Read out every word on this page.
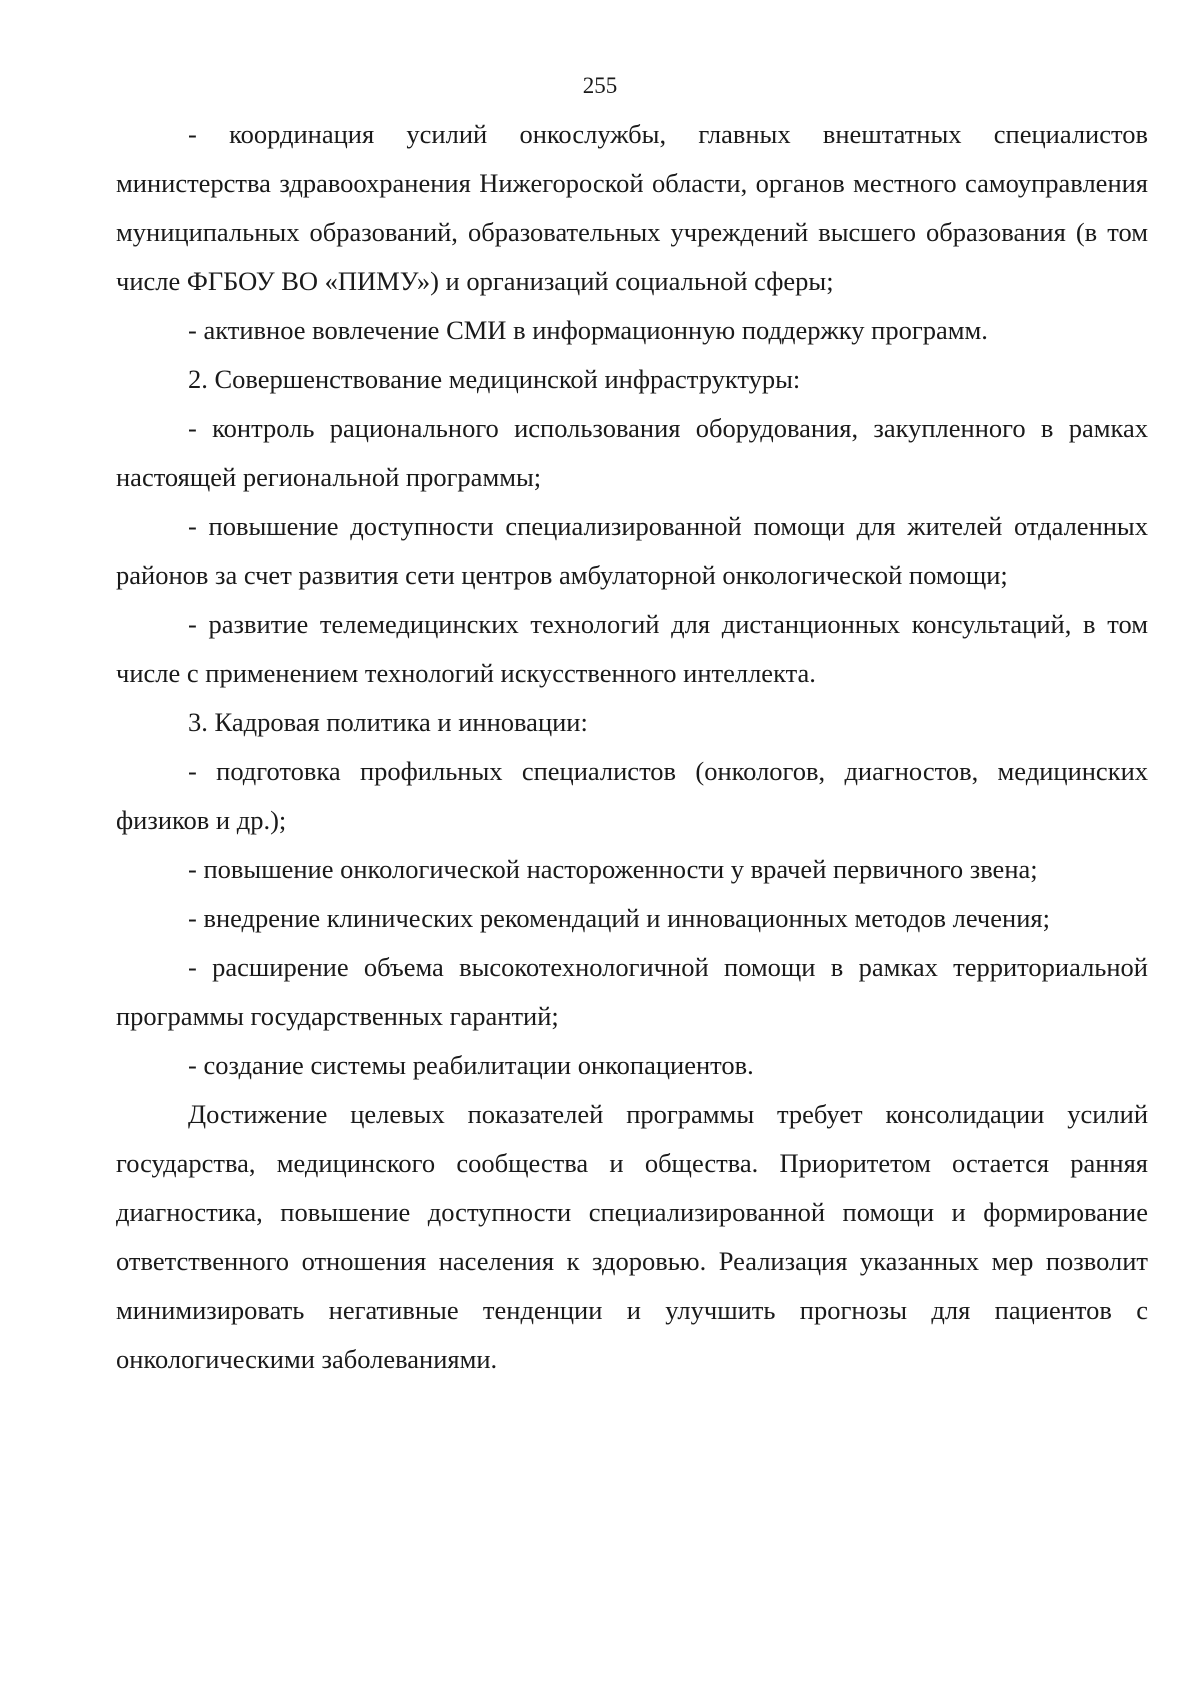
255

- координация усилий онкослужбы, главных внештатных специалистов министерства здравоохранения Нижегороской области, органов местного самоуправления муниципальных образований, образовательных учреждений высшего образования (в том числе ФГБОУ ВО «ПИМУ») и организаций социальной сферы;

- активное вовлечение СМИ в информационную поддержку программ.

2. Совершенствование медицинской инфраструктуры:

- контроль рационального использования оборудования, закупленного в рамках настоящей региональной программы;

- повышение доступности специализированной помощи для жителей отдаленных районов за счет развития сети центров амбулаторной онкологической помощи;

- развитие телемедицинских технологий для дистанционных консультаций, в том числе с применением технологий искусственного интеллекта.

3. Кадровая политика и инновации:

- подготовка профильных специалистов (онкологов, диагностов, медицинских физиков и др.);

- повышение онкологической настороженности у врачей первичного звена;

- внедрение клинических рекомендаций и инновационных методов лечения;

- расширение объема высокотехнологичной помощи в рамках территориальной программы государственных гарантий;

- создание системы реабилитации онкопациентов.

Достижение целевых показателей программы требует консолидации усилий государства, медицинского сообщества и общества. Приоритетом остается ранняя диагностика, повышение доступности специализированной помощи и формирование ответственного отношения населения к здоровью. Реализация указанных мер позволит минимизировать негативные тенденции и улучшить прогнозы для пациентов с онкологическими заболеваниями.
